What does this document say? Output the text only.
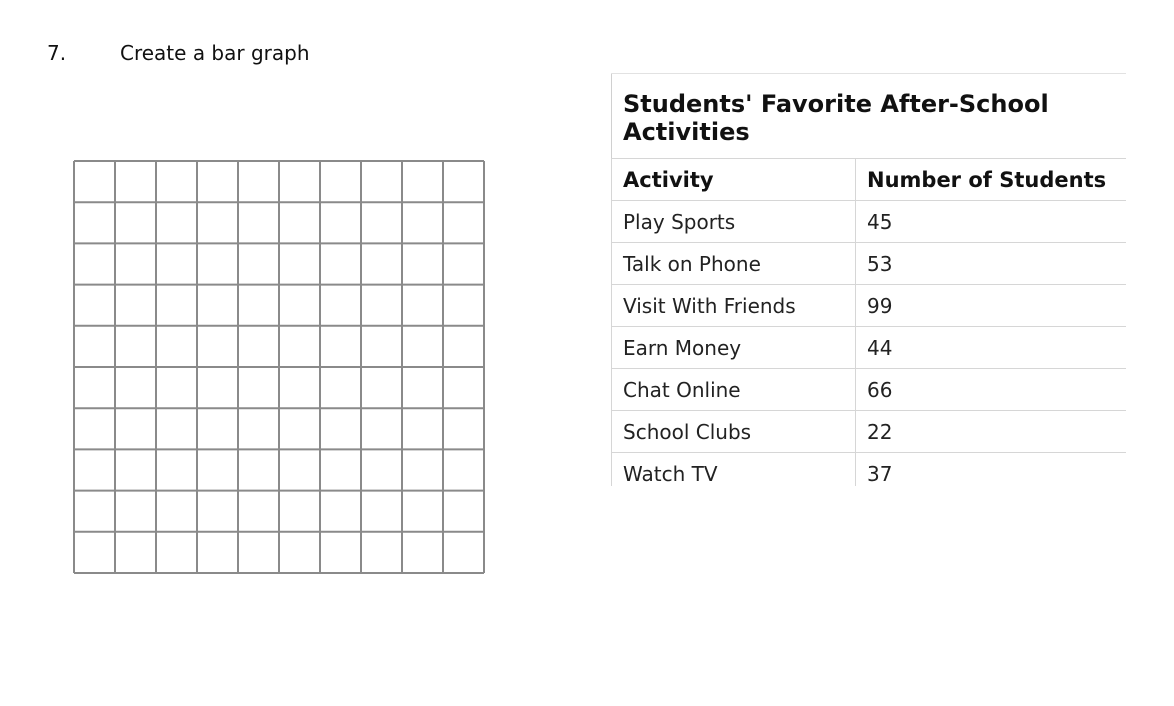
7.	Create a bar graph
Students' Favorite After-School Activities	
Activity	Number of Students
Play Sports	45
Talk on Phone	53
Visit With Friends	99
Earn Money	44
Chat Online	66
School Clubs	22
Watch TV	37
